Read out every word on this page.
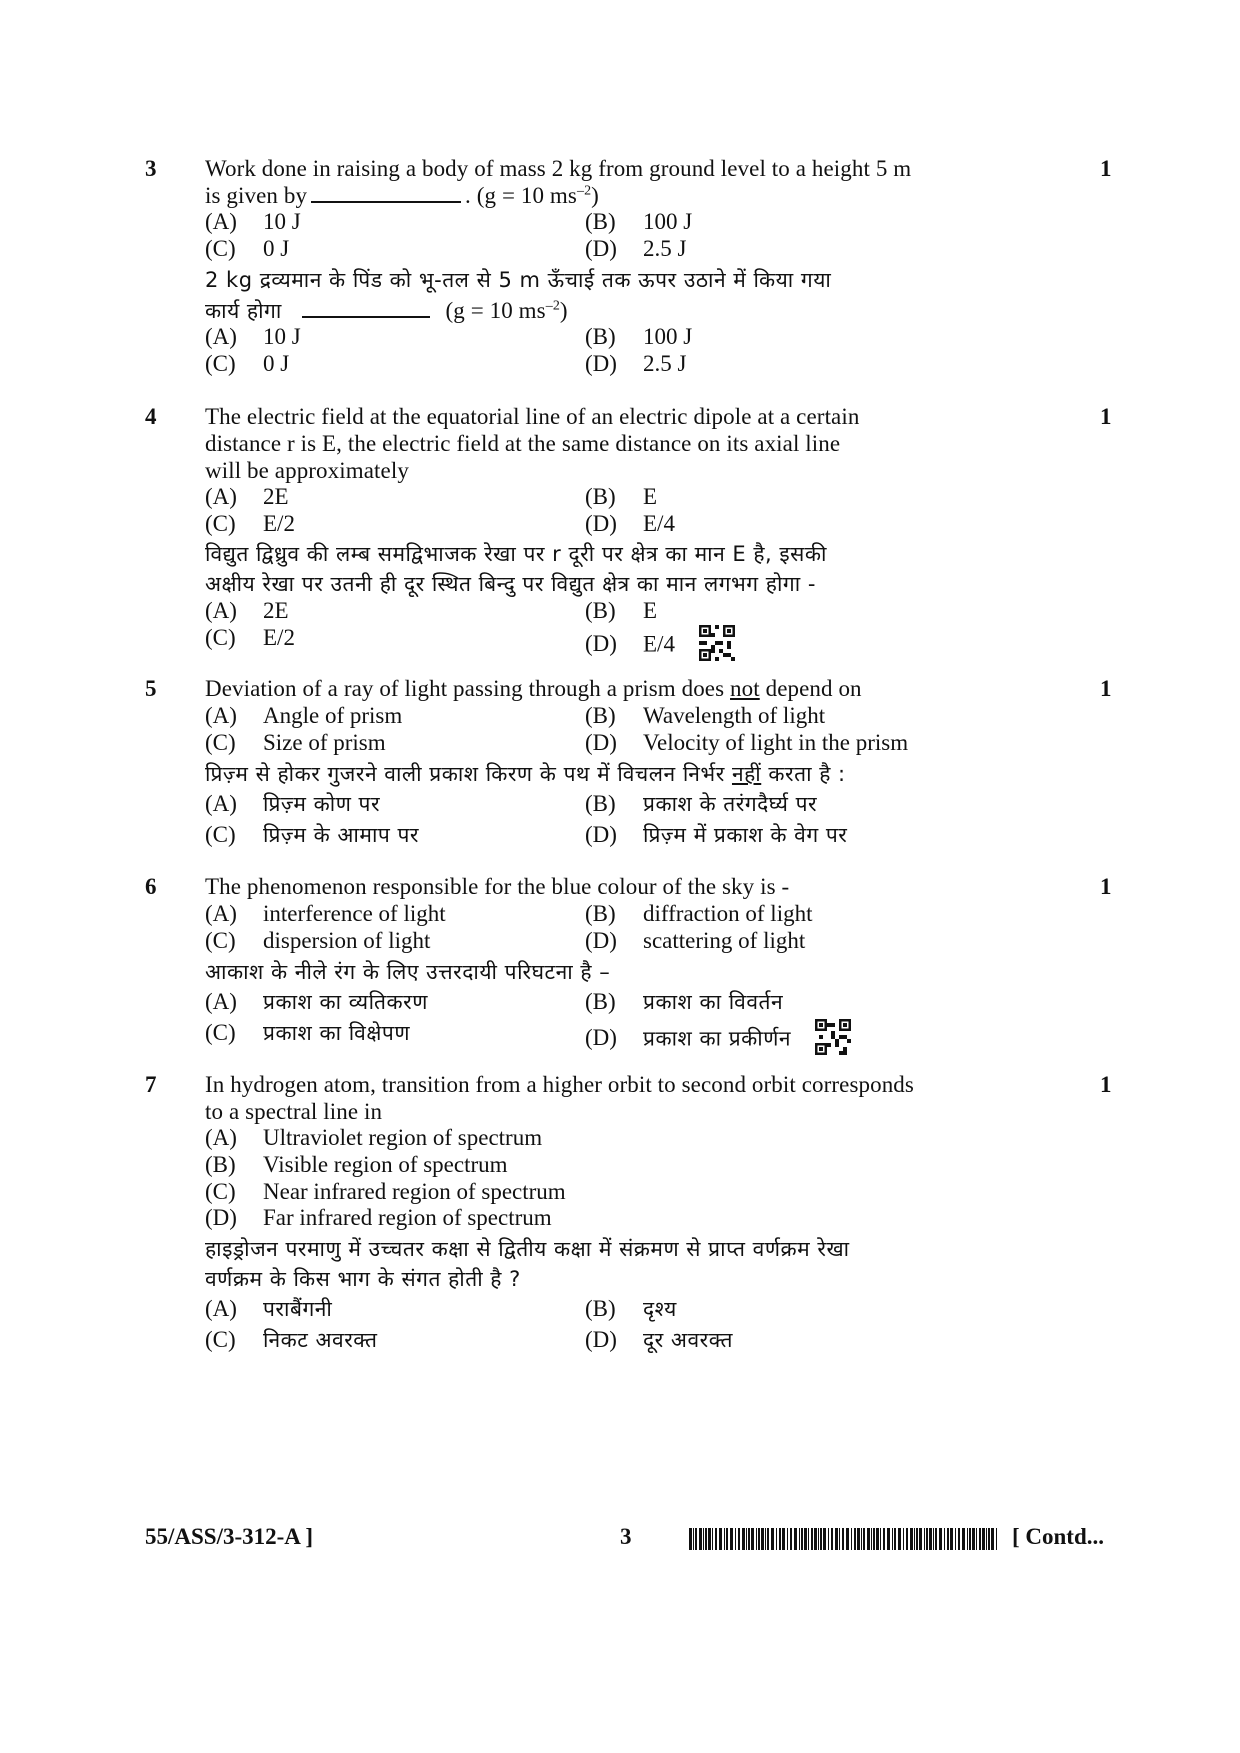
3	1
Work done in raising a body of mass 2 kg from ground level to a height 5 m
is given by	. (g = 10 $ms^{-2}$)
(A) 10 J	(B) 100 J
(C) 0 J	(D) 2.5 J
2 kg द्रव्यमान के पिंड को भू-तल से 5 m ऊँचाई तक ऊपर उठाने में किया गया
कार्य होगा	(g = 10 $ms^{-2}$)
(A) 10 J	(B) 100 J
(C) 0 J	(D) 2.5 J
4	1
The electric field at the equatorial line of an electric dipole at a certain
distance r is E, the electric field at the same distance on its axial line
will be approximately
(A) 2E	(B) E
(C) E/2	(D) E/4
विद्युत द्विध्रुव की लम्ब समद्विभाजक रेखा पर r दूरी पर क्षेत्र का मान E है, इसकी
अक्षीय रेखा पर उतनी ही दूर स्थित बिन्दु पर विद्युत क्षेत्र का मान लगभग होगा -
(A) 2E	(B) E
(C) E/2	(D) E/4
5	1
Deviation of a ray of light passing through a prism does not depend on
(A) Angle of prism	(B) Wavelength of light
(C) Size of prism	(D) Velocity of light in the prism
प्रिज़्म से होकर गुजरने वाली प्रकाश किरण के पथ में विचलन निर्भर नहीं करता है :
(A) प्रिज़्म कोण पर	(B) प्रकाश के तरंगदैर्घ्य पर
(C) प्रिज़्म के आमाप पर	(D) प्रिज़्म में प्रकाश के वेग पर
6	1
The phenomenon responsible for the blue colour of the sky is -
(A) interference of light	(B) diffraction of light
(C) dispersion of light	(D) scattering of light
आकाश के नीले रंग के लिए उत्तरदायी परिघटना है –
(A) प्रकाश का व्यतिकरण	(B) प्रकाश का विवर्तन
(C) प्रकाश का विक्षेपण	(D) प्रकाश का प्रकीर्णन
7	1
In hydrogen atom, transition from a higher orbit to second orbit corresponds
to a spectral line in
(A) Ultraviolet region of spectrum
(B) Visible region of spectrum
(C) Near infrared region of spectrum
(D) Far infrared region of spectrum
हाइड्रोजन परमाणु में उच्चतर कक्षा से द्वितीय कक्षा में संक्रमण से प्राप्त वर्णक्रम रेखा
वर्णक्रम के किस भाग के संगत होती है ?
(A) पराबैंगनी	(B) दृश्य
(C) निकट अवरक्त	(D) दूर अवरक्त
55/ASS/3-312-A ]	3	[ Contd...
